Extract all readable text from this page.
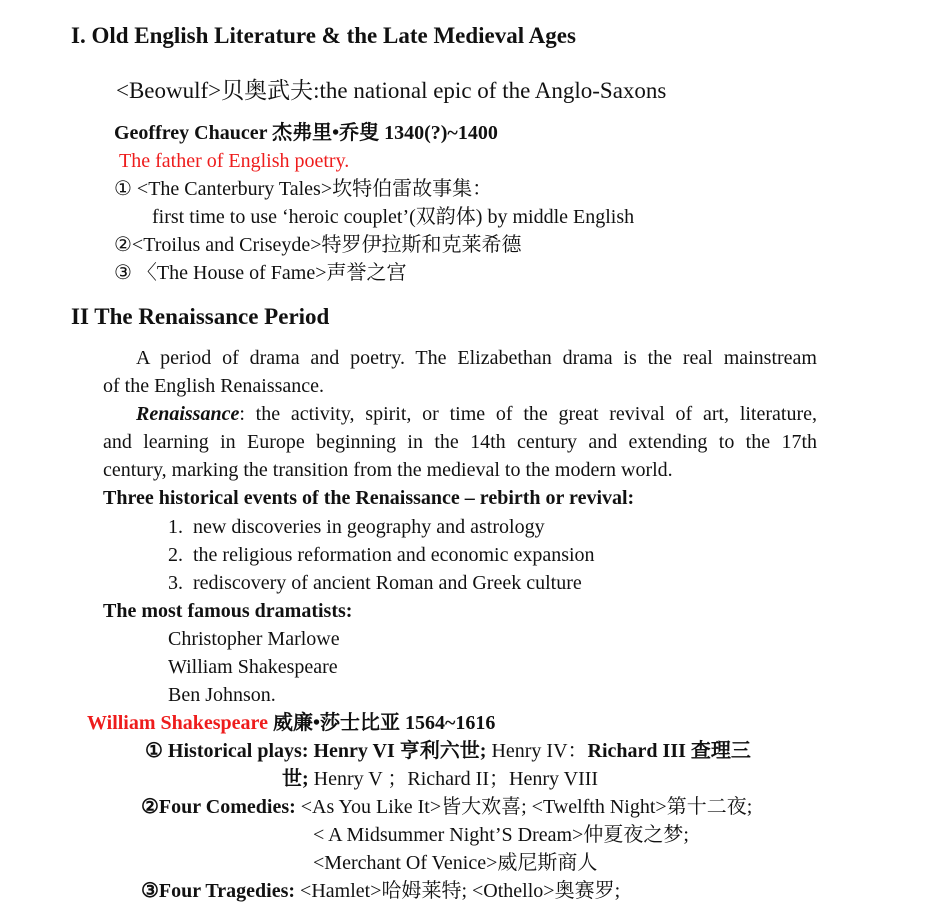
I. Old English Literature & the Late Medieval Ages
<Beowulf>贝奥武夫:the national epic of the Anglo-Saxons
Geoffrey Chaucer 杰弗里•乔叟 1340(?)~1400
The father of English poetry.
① <The Canterbury Tales>坎特伯雷故事集：
first time to use ‘heroic couplet’(双韵体) by middle English
②<Troilus and Criseyde>特罗伊拉斯和克莱希德
③ 〈The House of Fame>声誉之宫
II The Renaissance Period
A period of drama and poetry. The Elizabethan drama is the real mainstream
of the English Renaissance.
Renaissance: the activity, spirit, or time of the great revival of art, literature,
and learning in Europe beginning in the 14th century and extending to the 17th
century, marking the transition from the medieval to the modern world.
Three historical events of the Renaissance – rebirth or revival:
1. new discoveries in geography and astrology
2. the religious reformation and economic expansion
3. rediscovery of ancient Roman and Greek culture
The most famous dramatists:
Christopher Marlowe
William Shakespeare
Ben Johnson.
William Shakespeare 威廉•莎士比亚 1564~1616
① Historical plays: Henry VI 亨利六世; Henry IV：Richard III 查理三
世; Henry V ；Richard II；Henry VIII
②Four Comedies: <As You Like It>皆大欢喜; <Twelfth Night>第十二夜;
< A Midsummer Night’S Dream>仲夏夜之梦;
<Merchant Of Venice>威尼斯商人
③Four Tragedies: <Hamlet>哈姆莱特; <Othello>奥赛罗;
